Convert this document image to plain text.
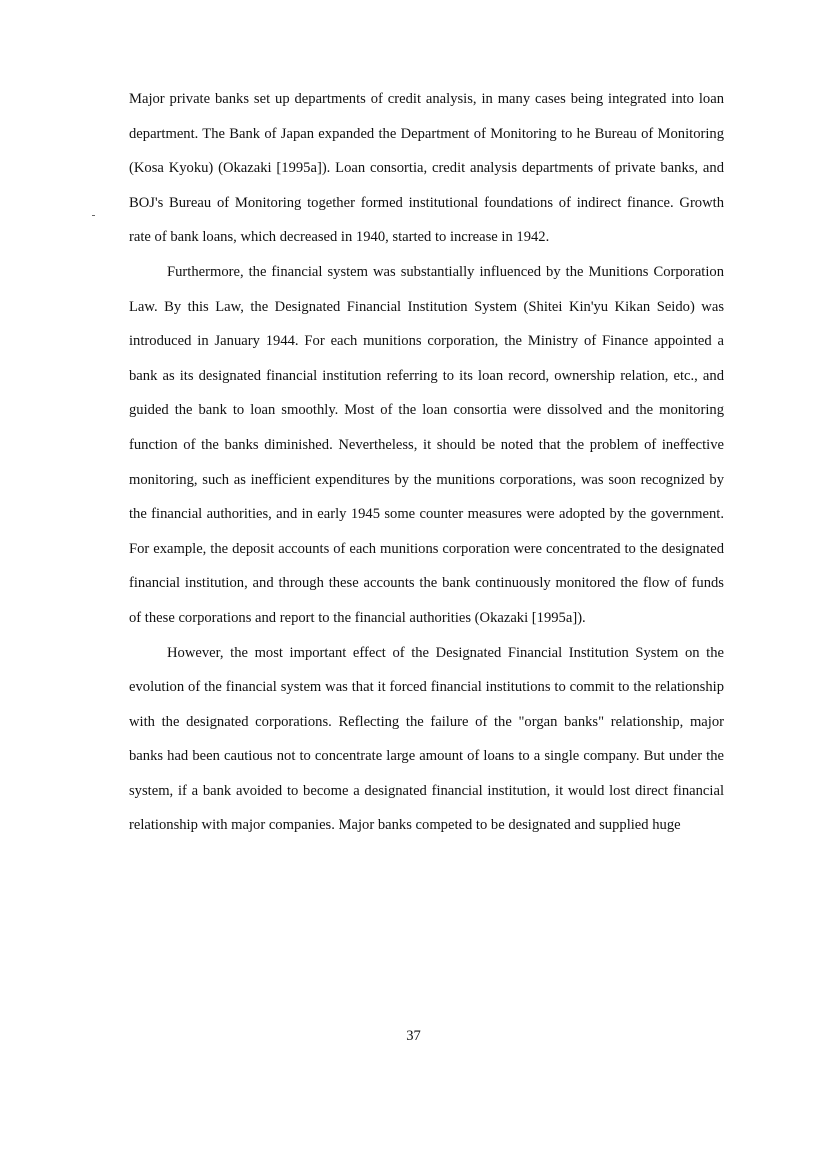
Major private banks set up departments of credit analysis, in many cases being integrated into loan department. The Bank of Japan expanded the Department of Monitoring to he Bureau of Monitoring (Kosa Kyoku) (Okazaki [1995a]). Loan consortia, credit analysis departments of private banks, and BOJ's Bureau of Monitoring together formed institutional foundations of indirect finance. Growth rate of bank loans, which decreased in 1940, started to increase in 1942.

Furthermore, the financial system was substantially influenced by the Munitions Corporation Law. By this Law, the Designated Financial Institution System (Shitei Kin'yu Kikan Seido) was introduced in January 1944. For each munitions corporation, the Ministry of Finance appointed a bank as its designated financial institution referring to its loan record, ownership relation, etc., and guided the bank to loan smoothly. Most of the loan consortia were dissolved and the monitoring function of the banks diminished. Nevertheless, it should be noted that the problem of ineffective monitoring, such as inefficient expenditures by the munitions corporations, was soon recognized by the financial authorities, and in early 1945 some counter measures were adopted by the government. For example, the deposit accounts of each munitions corporation were concentrated to the designated financial institution, and through these accounts the bank continuously monitored the flow of funds of these corporations and report to the financial authorities (Okazaki [1995a]).

However, the most important effect of the Designated Financial Institution System on the evolution of the financial system was that it forced financial institutions to commit to the relationship with the designated corporations. Reflecting the failure of the "organ banks" relationship, major banks had been cautious not to concentrate large amount of loans to a single company. But under the system, if a bank avoided to become a designated financial institution, it would lost direct financial relationship with major companies. Major banks competed to be designated and supplied huge

37
